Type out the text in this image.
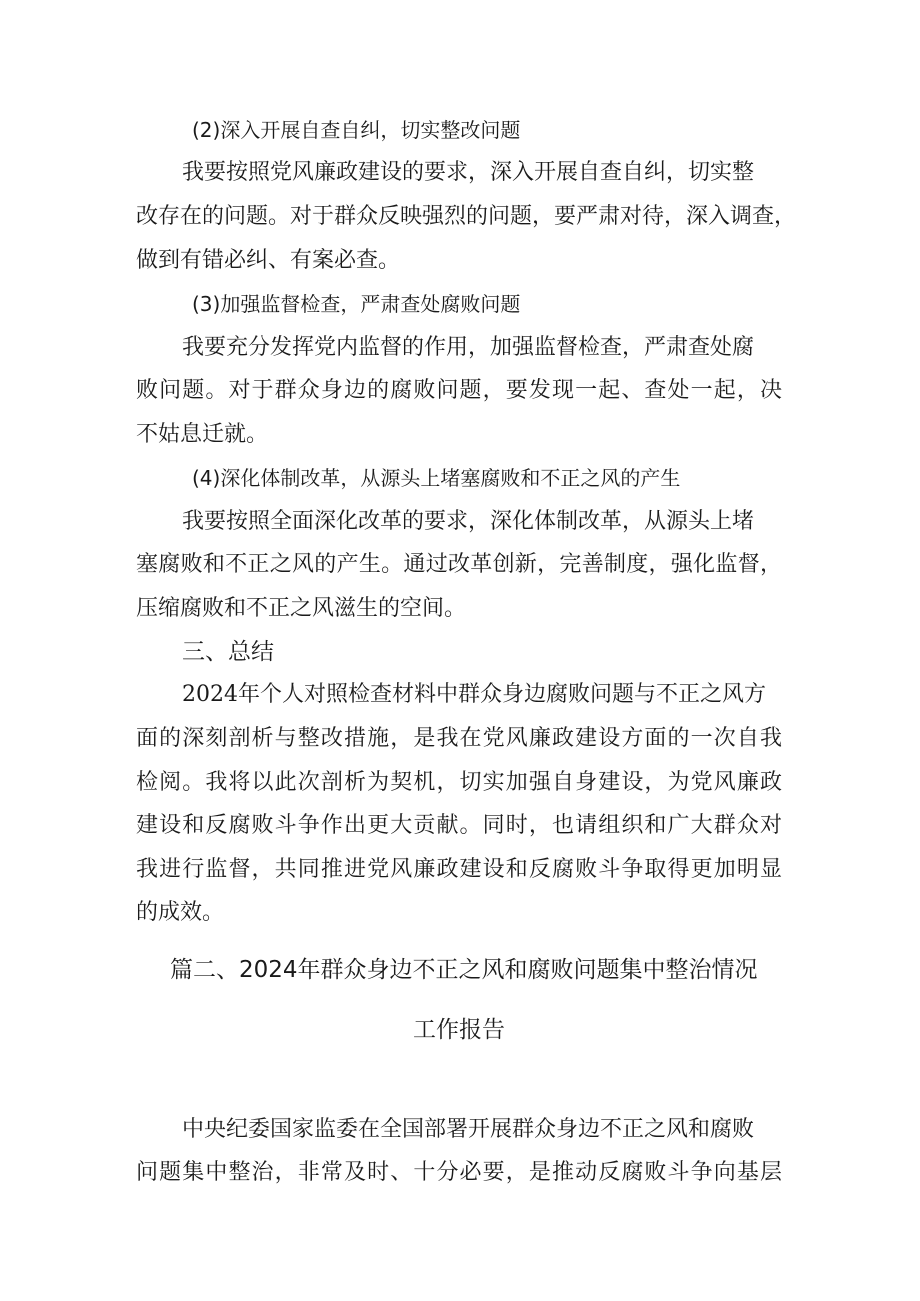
(2)深入开展自查自纠，切实整改问题
我要按照党风廉政建设的要求，深入开展自查自纠，切实整
改存在的问题。对于群众反映强烈的问题，要严肃对待，深入调查，
做到有错必纠、有案必查。
(3)加强监督检查，严肃查处腐败问题
我要充分发挥党内监督的作用，加强监督检查，严肃查处腐
败问题。对于群众身边的腐败问题，要发现一起、查处一起，决
不姑息迁就。
(4)深化体制改革，从源头上堵塞腐败和不正之风的产生
我要按照全面深化改革的要求，深化体制改革，从源头上堵
塞腐败和不正之风的产生。通过改革创新，完善制度，强化监督，
压缩腐败和不正之风滋生的空间。
三、总结
2024年个人对照检查材料中群众身边腐败问题与不正之风方
面的深刻剖析与整改措施，是我在党风廉政建设方面的一次自我
检阅。我将以此次剖析为契机，切实加强自身建设，为党风廉政
建设和反腐败斗争作出更大贡献。同时，也请组织和广大群众对
我进行监督，共同推进党风廉政建设和反腐败斗争取得更加明显
的成效。
篇二、2024年群众身边不正之风和腐败问题集中整治情况
工作报告
中央纪委国家监委在全国部署开展群众身边不正之风和腐败
问题集中整治，非常及时、十分必要，是推动反腐败斗争向基层
